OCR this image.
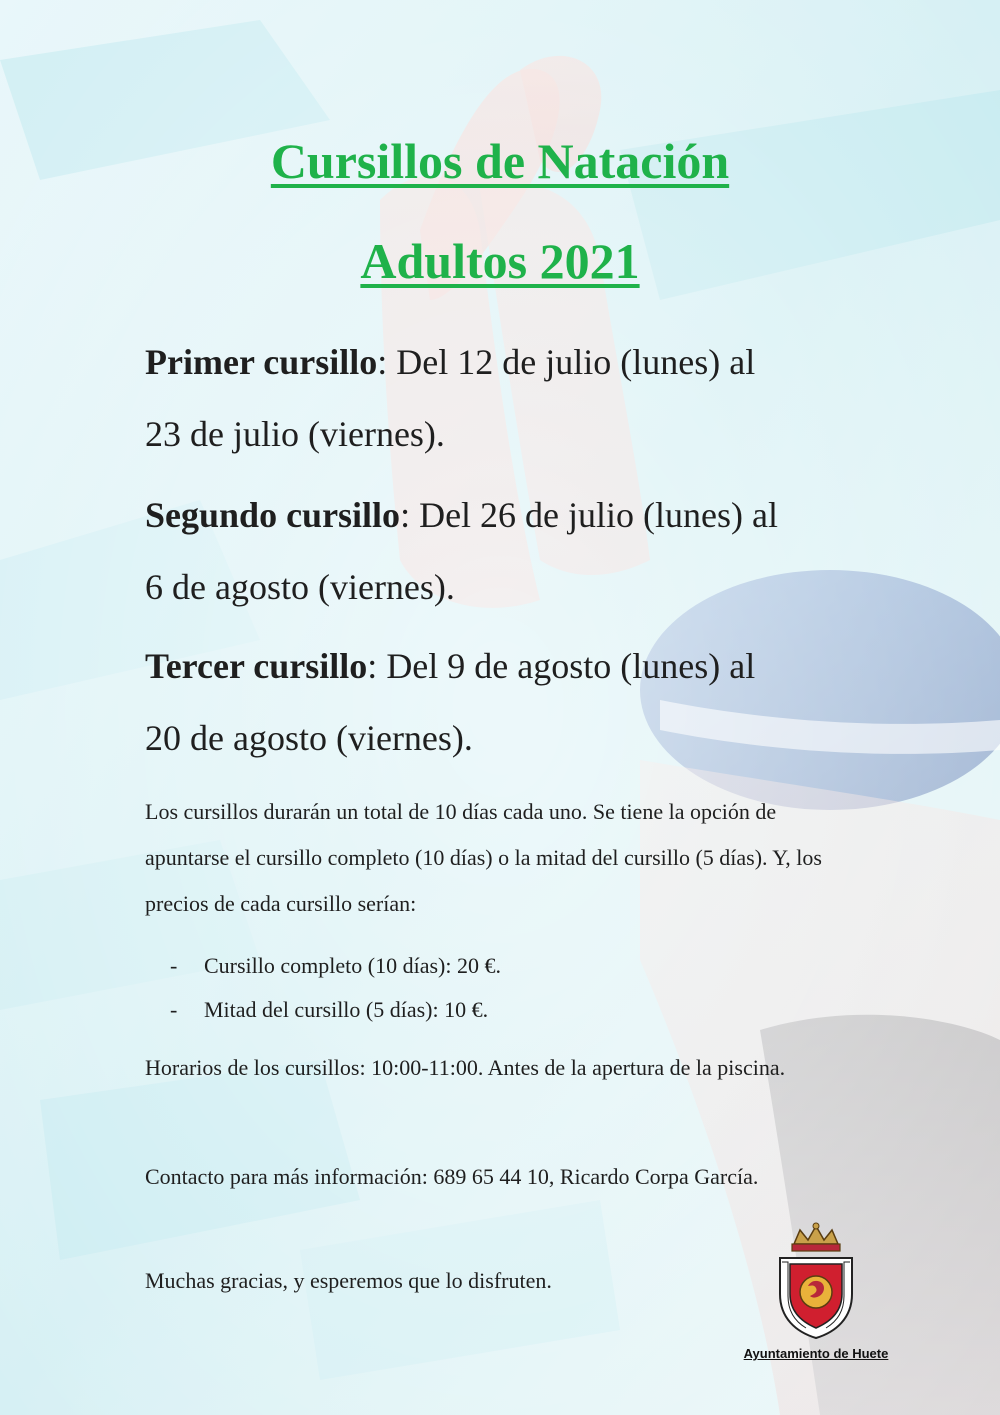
Cursillos de Natación
Adultos 2021

Primer cursillo: Del 12 de julio (lunes) al
23 de julio (viernes).

Segundo cursillo: Del 26 de julio (lunes) al
6 de agosto (viernes).

Tercer cursillo: Del 9 de agosto (lunes) al
20 de agosto (viernes).

Los cursillos durarán un total de 10 días cada uno. Se tiene la opción de apuntarse el cursillo completo (10 días) o la mitad del cursillo (5 días). Y, los precios de cada cursillo serían:

- Cursillo completo (10 días): 20 €.
- Mitad del cursillo (5 días): 10 €.

Horarios de los cursillos: 10:00-11:00. Antes de la apertura de la piscina.

Contacto para más información: 689 65 44 10, Ricardo Corpa García.

Muchas gracias, y esperemos que lo disfruten.

Ayuntamiento de Huete
